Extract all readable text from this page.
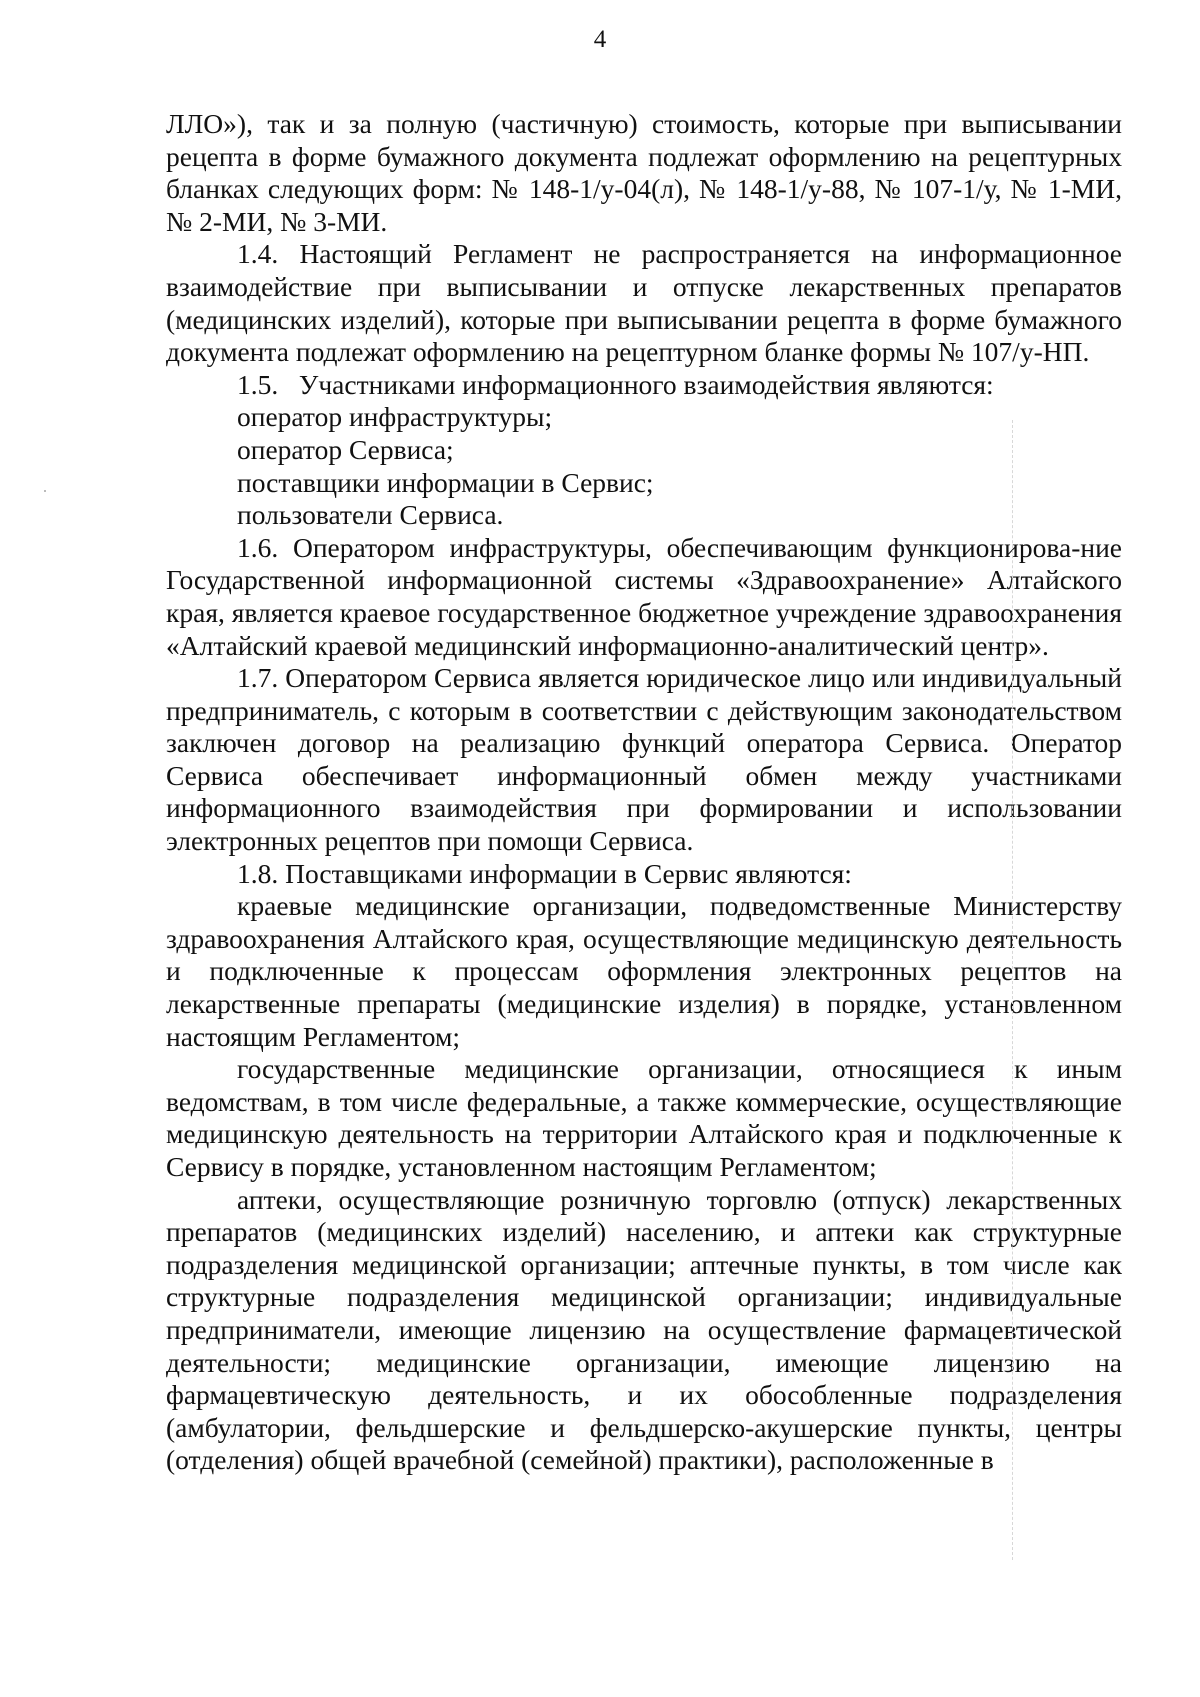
4

ЛЛО»), так и за полную (частичную) стоимость, которые при выписывании рецепта в форме бумажного документа подлежат оформлению на рецептурных бланках следующих форм: № 148-1/у-04(л), № 148-1/у-88, № 107-1/у, № 1-МИ, № 2-МИ, № 3-МИ.

1.4. Настоящий Регламент не распространяется на информационное взаимодействие при выписывании и отпуске лекарственных препаратов (медицинских изделий), которые при выписывании рецепта в форме бумажного документа подлежат оформлению на рецептурном бланке формы № 107/у-НП.

1.5.   Участниками информационного взаимодействия являются:

оператор инфраструктуры;

оператор Сервиса;

поставщики информации в Сервис;

пользователи Сервиса.

1.6. Оператором инфраструктуры, обеспечивающим функционирова-ние Государственной информационной системы «Здравоохранение» Алтайского края, является краевое государственное бюджетное учреждение здравоохранения «Алтайский краевой медицинский информационно-аналитический центр».

1.7. Оператором Сервиса является юридическое лицо или индивидуальный предприниматель, с которым в соответствии с действующим законодательством заключен договор на реализацию функций оператора Сервиса. Оператор Сервиса обеспечивает информационный обмен между участниками информационного взаимодействия при формировании и использовании электронных рецептов при помощи Сервиса.

1.8. Поставщиками информации в Сервис являются:

краевые медицинские организации, подведомственные Министерству здравоохранения Алтайского края, осуществляющие медицинскую деятельность и подключенные к процессам оформления электронных рецептов на лекарственные препараты (медицинские изделия) в порядке, установленном настоящим Регламентом;

государственные медицинские организации, относящиеся к иным ведомствам, в том числе федеральные, а также коммерческие, осуществляющие медицинскую деятельность на территории Алтайского края и подключенные к Сервису в порядке, установленном настоящим Регламентом;

аптеки, осуществляющие розничную торговлю (отпуск) лекарственных препаратов (медицинских изделий) населению, и аптеки как структурные подразделения медицинской организации; аптечные пункты, в том числе как структурные подразделения медицинской организации; индивидуальные предприниматели, имеющие лицензию на осуществление фармацевтической деятельности; медицинские организации, имеющие лицензию на фармацевтическую деятельность, и их обособленные подразделения (амбулатории, фельдшерские и фельдшерско-акушерские пункты, центры (отделения) общей врачебной (семейной) практики), расположенные в
